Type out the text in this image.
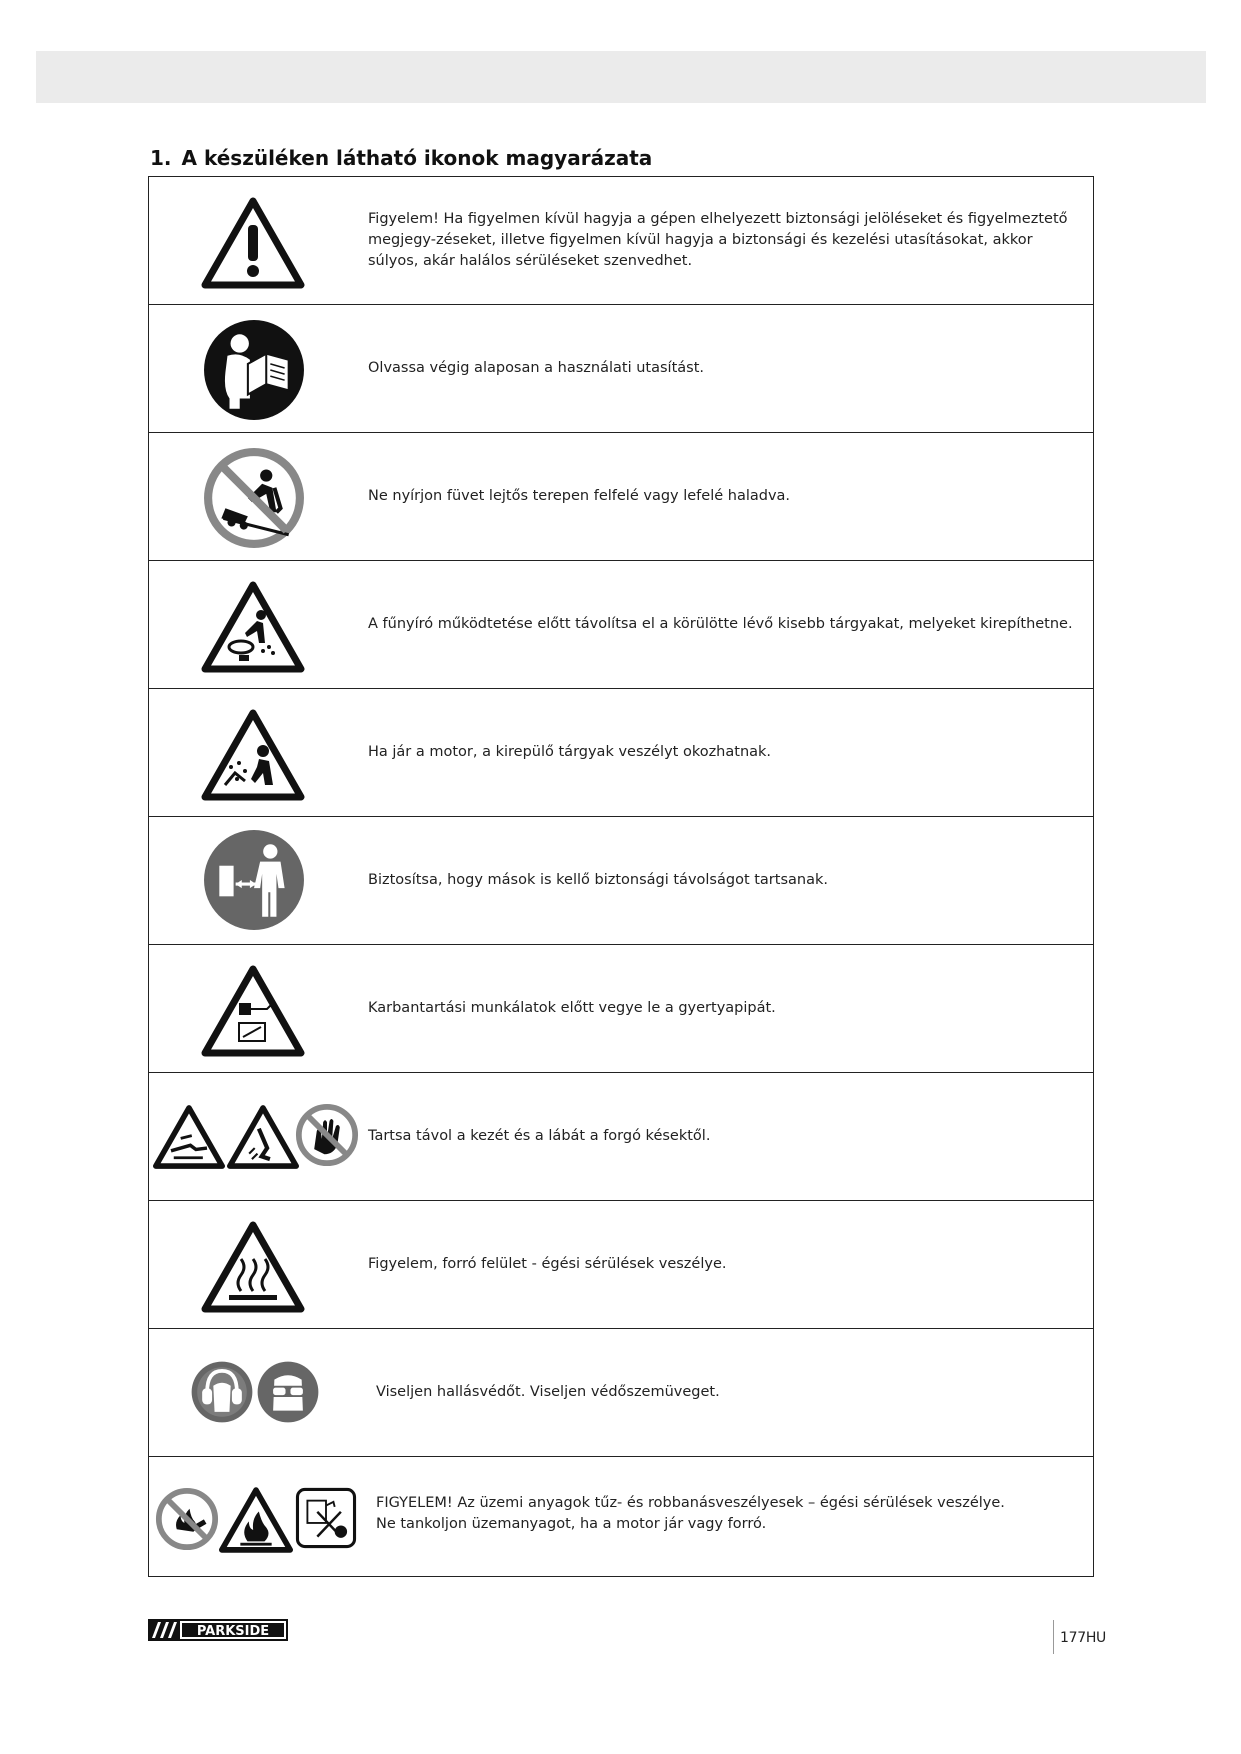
1. A készüléken látható ikonok magyarázata
Figyelem! Ha figyelmen kívül hagyja a gépen elhelyezett biztonsági jelöléseket és figyelmeztető megjegy-zéseket, illetve figyelmen kívül hagyja a biztonsági és kezelési utasításokat, akkor súlyos, akár halálos sérüléseket szenvedhet.
Olvassa végig alaposan a használati utasítást.
Ne nyírjon füvet lejtős terepen felfelé vagy lefelé haladva.
A fűnyíró működtetése előtt távolítsa el a körülötte lévő kisebb tárgyakat, melyeket kirepíthetne.
Ha jár a motor, a kirepülő tárgyak veszélyt okozhatnak.
Biztosítsa, hogy mások is kellő biztonsági távolságot tartsanak.
Karbantartási munkálatok előtt vegye le a gyertyapipát.
Tartsa távol a kezét és a lábát a forgó késektől.
Figyelem, forró felület - égési sérülések veszélye.
Viseljen hallásvédőt. Viseljen védőszemüveget.
FIGYELEM! Az üzemi anyagok tűz- és robbanásveszélyesek – égési sérülések veszélye.
Ne tankoljon üzemanyagot, ha a motor jár vagy forró.
PARKSIDE	177HU
